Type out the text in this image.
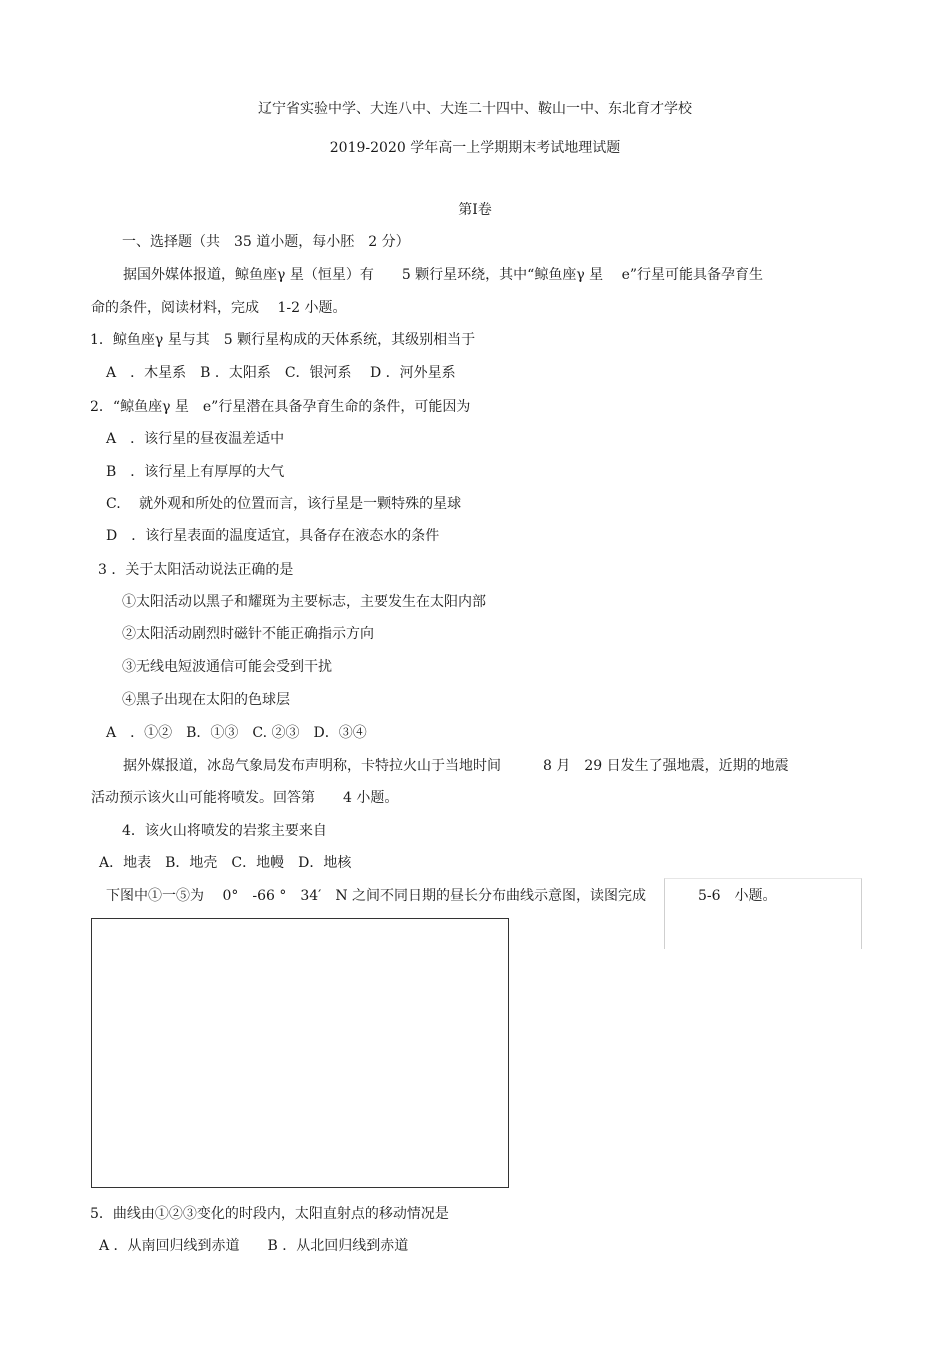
辽宁省实验中学、大连八中、大连二十四中、鞍山一中、东北育才学校
2019-2020 学年高一上学期期末考试地理试题
第Ⅰ卷
一、选择题（共　35 道小题，每小胚　2 分）
据国外媒体报道，鲸鱼座γ 星（恒星）有　　5 颗行星环绕，其中“鲸鱼座γ 星　 e”行星可能具备孕育生
命的条件，阅读材料，完成　 1-2 小题。
1．鲸鱼座γ 星与其　5 颗行星构成的天体系统，其级别相当于
A　．木星系　B ．太阳系　C．银河系　 D ．河外星系
2．“鲸鱼座γ 星　e”行星潜在具备孕育生命的条件，可能因为
A　．该行星的昼夜温差适中
B　．该行星上有厚厚的大气
C.　 就外观和所处的位置而言，该行星是一颗特殊的星球
D　．该行星表面的温度适宜，具备存在液态水的条件
3 ．关于太阳活动说法正确的是
①太阳活动以黑子和耀斑为主要标志，主要发生在太阳内部
②太阳活动剧烈时磁针不能正确指示方向
③无线电短波通信可能会受到干扰
④黑子出现在太阳的色球层
A　．①②　B．①③　C. ②③　D．③④
据外媒报道，冰岛气象局发布声明称，卡特拉火山于当地时间　　　8 月　29 日发生了强地震，近期的地震
活动预示该火山可能将喷发。回答第　　4 小题。
4．该火山将喷发的岩浆主要来自
A．地表　B．地壳　C．地幔　D．地核
下图中①一⑤为　 0°　-66 °　34′　N 之间不同日期的昼长分布曲线示意图，读图完成	5-6　小题。
5．曲线由①②③变化的时段内，太阳直射点的移动情况是
A ．从南回归线到赤道　　B ．从北回归线到赤道
